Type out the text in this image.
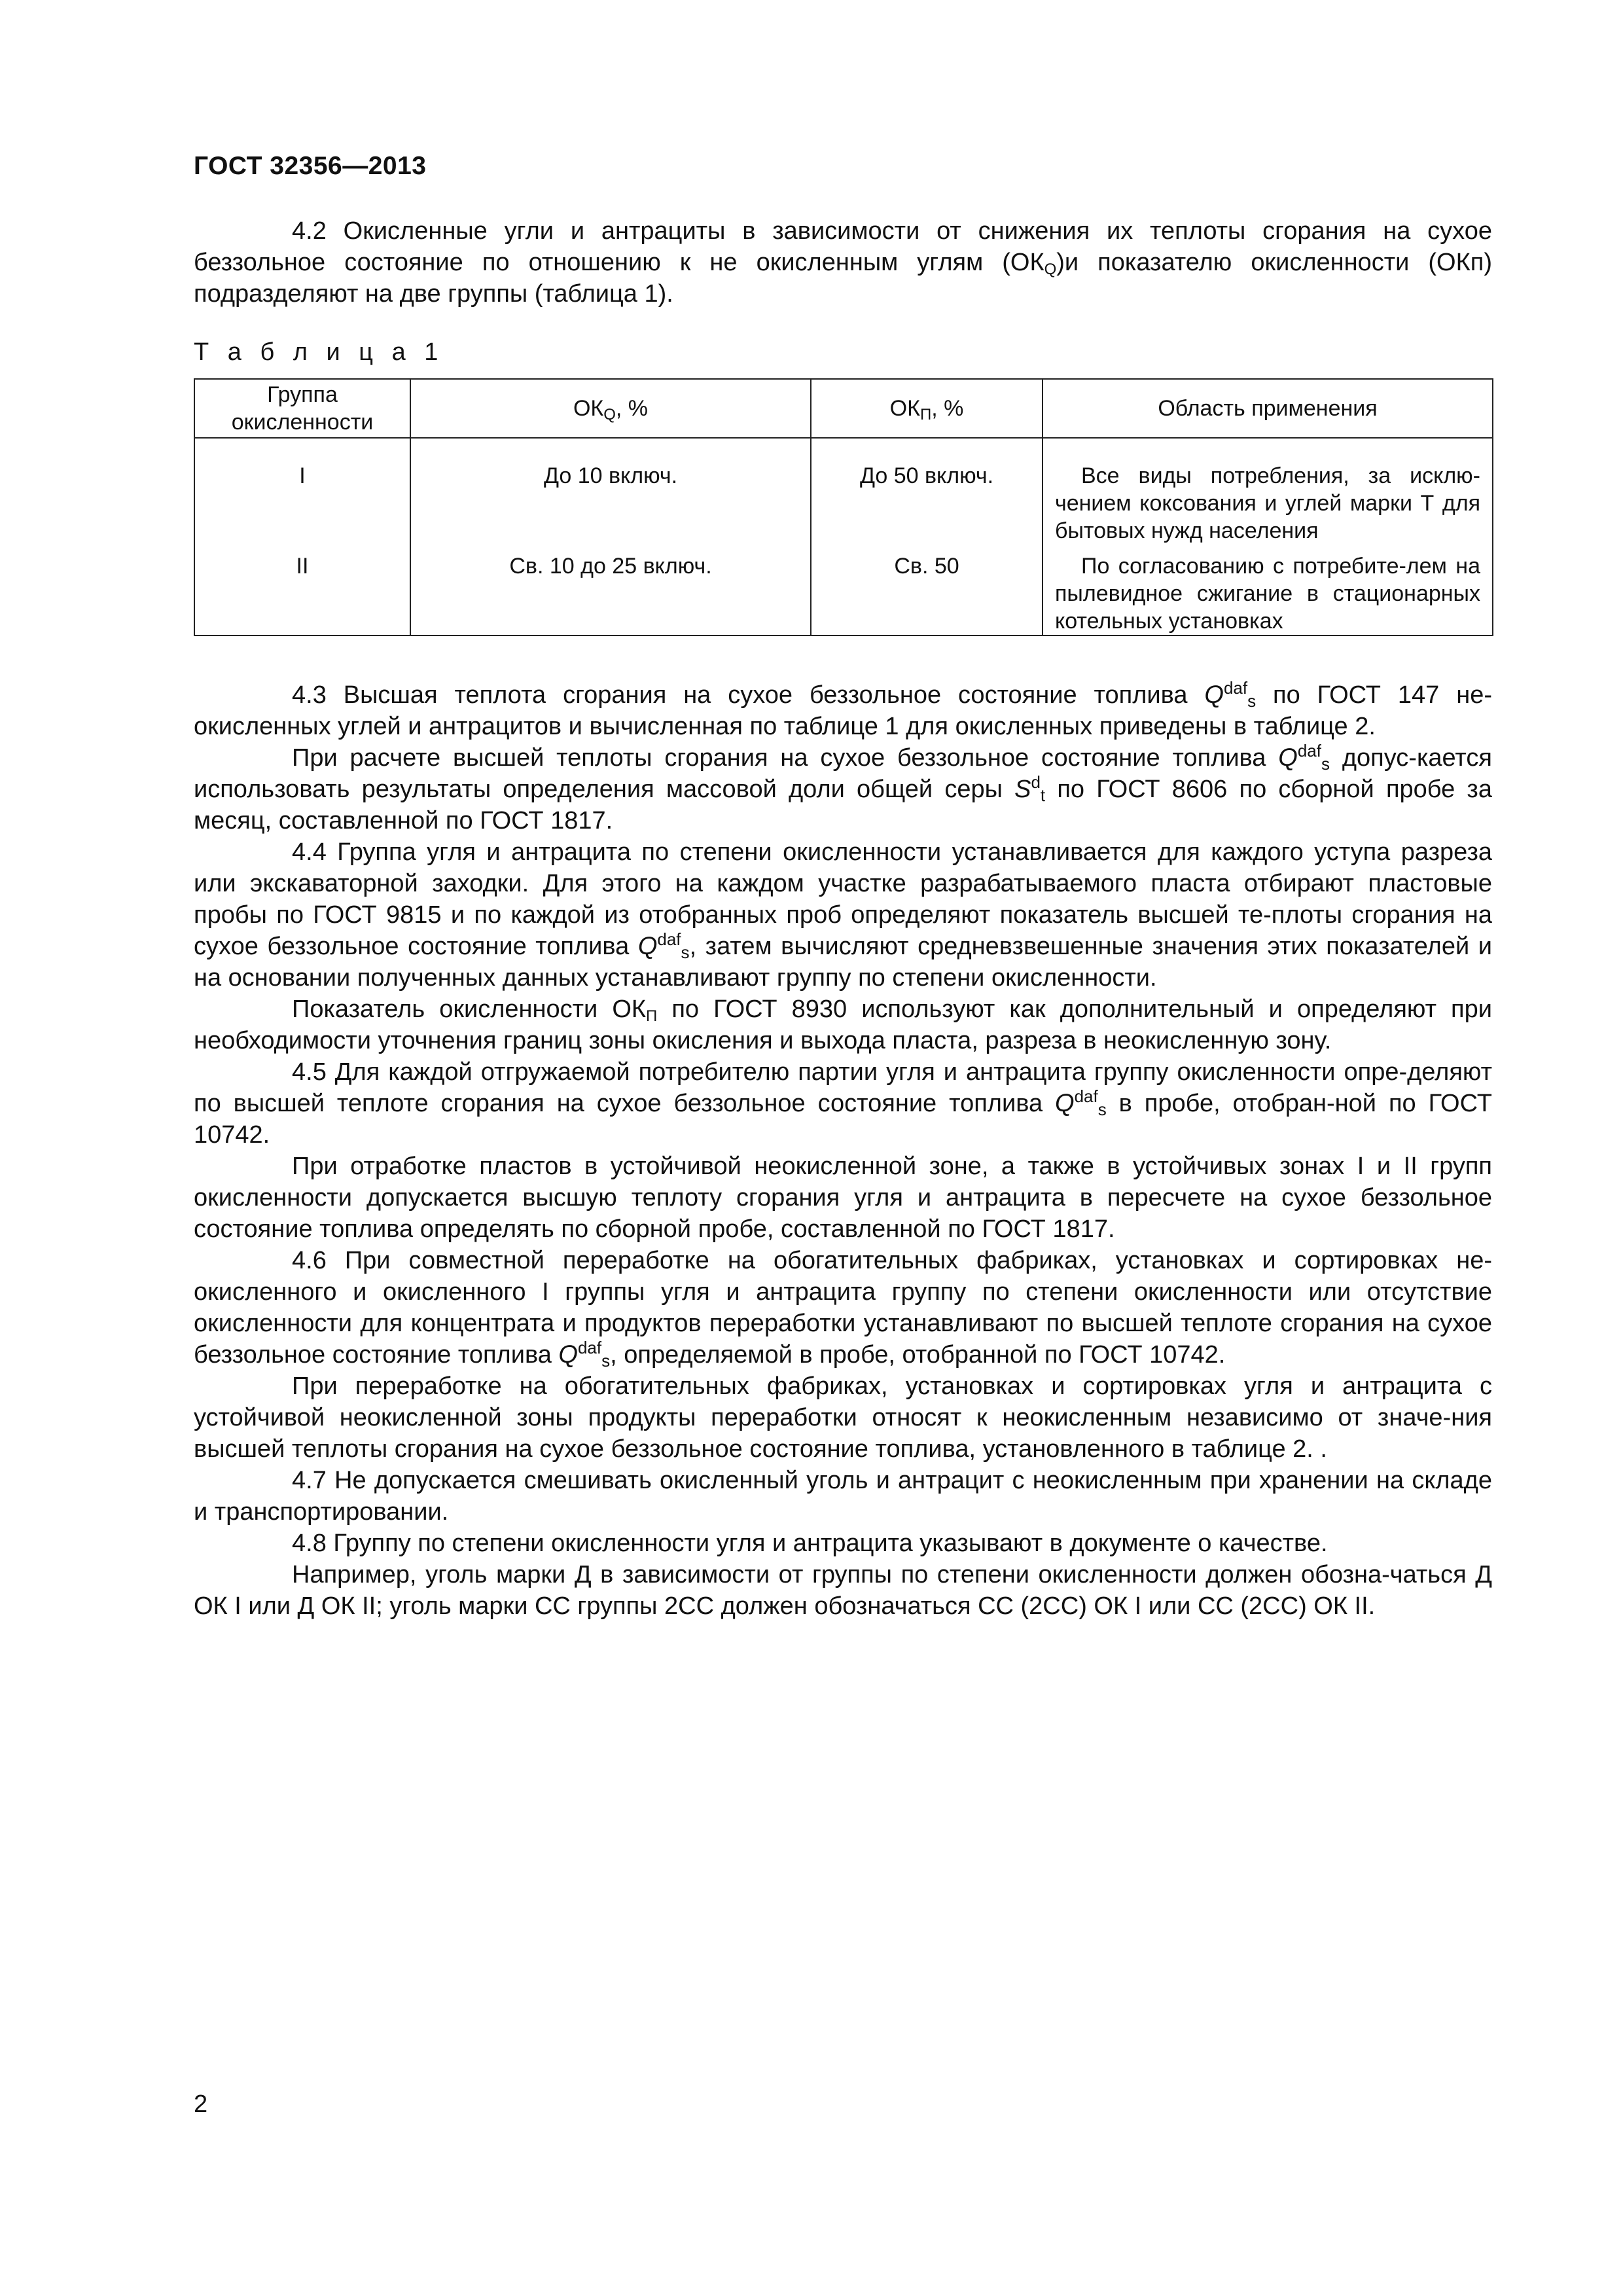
ГОСТ 32356—2013

4.2 Окисленные угли и антрациты в зависимости от снижения их теплоты сгорания на сухое беззольное состояние по отношению к не окисленным углям $(ОК_Q)и$ показателю окисленности (ОКп) подразделяют на две группы (таблица 1).

Т а б л и ц а 1
Группа окисленности	$ОК_Q$, %	$ОК_П$, %	Область применения
I	До 10 включ.	До 50 включ.	Все виды потребления, за исклю-чением коксования и углей марки Т для бытовых нужд населения

II	Св. 10 до 25 включ.	Св. 50	По согласованию с потребите-лем на пылевидное сжигание в стационарных котельных установках

4.3 Высшая теплота сгорания на сухое беззольное состояние топлива $Q^{daf}_s$ по ГОСТ 147 не-окисленных углей и антрацитов и вычисленная по таблице 1 для окисленных приведены в таблице 2.

При расчете высшей теплоты сгорания на сухое беззольное состояние топлива $Q^{daf}_s$ допус-кается использовать результаты определения массовой доли общей серы $S^d_t$ по ГОСТ 8606 по сборной пробе за месяц, составленной по ГОСТ 1817.

4.4 Группа угля и антрацита по степени окисленности устанавливается для каждого уступа разреза или экскаваторной заходки. Для этого на каждом участке разрабатываемого пласта отбирают пластовые пробы по ГОСТ 9815 и по каждой из отобранных проб определяют показатель высшей те-плоты сгорания на сухое беззольное состояние топлива $Q^{daf}_s$, затем вычисляют средневзвешенные значения этих показателей и на основании полученных данных устанавливают группу по степени окисленности.

Показатель окисленности $ОК_П$ по ГОСТ 8930 используют как дополнительный и определяют при необходимости уточнения границ зоны окисления и выхода пласта, разреза в неокисленную зону.

4.5 Для каждой отгружаемой потребителю партии угля и антрацита группу окисленности опре-деляют по высшей теплоте сгорания на сухое беззольное состояние топлива $Q^{daf}_s$ в пробе, отобран-ной по ГОСТ 10742.

При отработке пластов в устойчивой неокисленной зоне, а также в устойчивых зонах I и II групп окисленности допускается высшую теплоту сгорания угля и антрацита в пересчете на сухое беззольное состояние топлива определять по сборной пробе, составленной по ГОСТ 1817.

4.6 При совместной переработке на обогатительных фабриках, установках и сортировках не-окисленного и окисленного I группы угля и антрацита группу по степени окисленности или отсутствие окисленности для концентрата и продуктов переработки устанавливают по высшей теплоте сгорания на сухое беззольное состояние топлива $Q^{daf}_s$, определяемой в пробе, отобранной по ГОСТ 10742.

При переработке на обогатительных фабриках, установках и сортировках угля и антрацита с устойчивой неокисленной зоны продукты переработки относят к неокисленным независимо от значе-ния высшей теплоты сгорания на сухое беззольное состояние топлива, установленного в таблице 2. .

4.7 Не допускается смешивать окисленный уголь и антрацит с неокисленным при хранении на складе и транспортировании.

4.8 Группу по степени окисленности угля и антрацита указывают в документе о качестве.

Например, уголь марки Д в зависимости от группы по степени окисленности должен обозна-чаться Д ОК I или Д ОК II; уголь марки СС группы 2СС должен обозначаться СС (2СС) ОК I или СС (2СС) ОК II.

2
